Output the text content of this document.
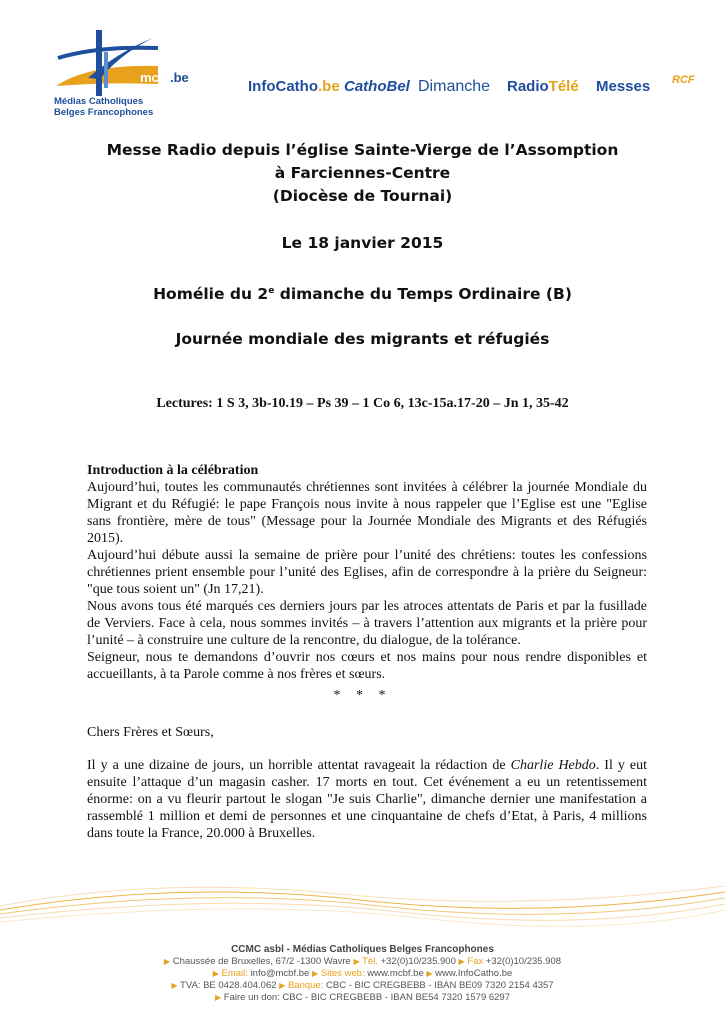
mcbf
.be
Médias Catholiques
Belges Francophones
InfoCatho.be CathoBel Dimanche RadioTélé Messes RCF
Messe Radio depuis l’église Sainte-Vierge de l’Assomption
à Farciennes-Centre
(Diocèse de Tournai)
Le 18 janvier 2015
Homélie du 2e dimanche du Temps Ordinaire (B)
Journée mondiale des migrants et réfugiés
Lectures: 1 S 3, 3b-10.19 – Ps 39 – 1 Co 6, 13c-15a.17-20 – Jn 1, 35-42

Introduction à la célébration

Aujourd’hui, toutes les communautés chrétiennes sont invitées à célébrer la journée Mondiale du Migrant et du Réfugié: le pape François nous invite à nous rappeler que l’Eglise est une "Eglise sans frontière, mère de tous" (Message pour la Journée Mondiale des Migrants et des Réfugiés 2015).

Aujourd’hui débute aussi la semaine de prière pour l’unité des chrétiens: toutes les confessions chrétiennes prient ensemble pour l’unité des Eglises, afin de correspondre à la prière du Seigneur: "que tous soient un" (Jn 17,21).

Nous avons tous été marqués ces derniers jours par les atroces attentats de Paris et par la fusillade de Verviers. Face à cela, nous sommes invités – à travers l’attention aux migrants et la prière pour l’unité – à construire une culture de la rencontre, du dialogue, de la tolérance.

Seigneur, nous te demandons d’ouvrir nos cœurs et nos mains pour nous rendre disponibles et accueillants, à ta Parole comme à nos frères et sœurs.

* * *
Chers Frères et Sœurs,

Il y a une dizaine de jours, un horrible attentat ravageait la rédaction de Charlie Hebdo. Il y eut ensuite l’attaque d’un magasin casher. 17 morts en tout. Cet événement a eu un retentissement énorme: on a vu fleurir partout le slogan "Je suis Charlie", dimanche dernier une manifestation a rassemblé 1 million et demi de personnes et une cinquantaine de chefs d’Etat, à Paris, 4 millions dans toute la France, 20.000 à Bruxelles.

CCMC asbl - Médias Catholiques Belges Francophones
▶ Chaussée de Bruxelles, 67/2 -1300 Wavre ▶ Tél. +32(0)10/235.900 ▶ Fax +32(0)10/235.908
▶ Email: info@mcbf.be ▶ Sites web: www.mcbf.be ▶ www.InfoCatho.be
▶ TVA: BE 0428.404.062 ▶ Banque: CBC - BIC CREGBEBB - IBAN BE09 7320 2154 4357
▶ Faire un don: CBC - BIC CREGBEBB - IBAN BE54 7320 1579 6297
